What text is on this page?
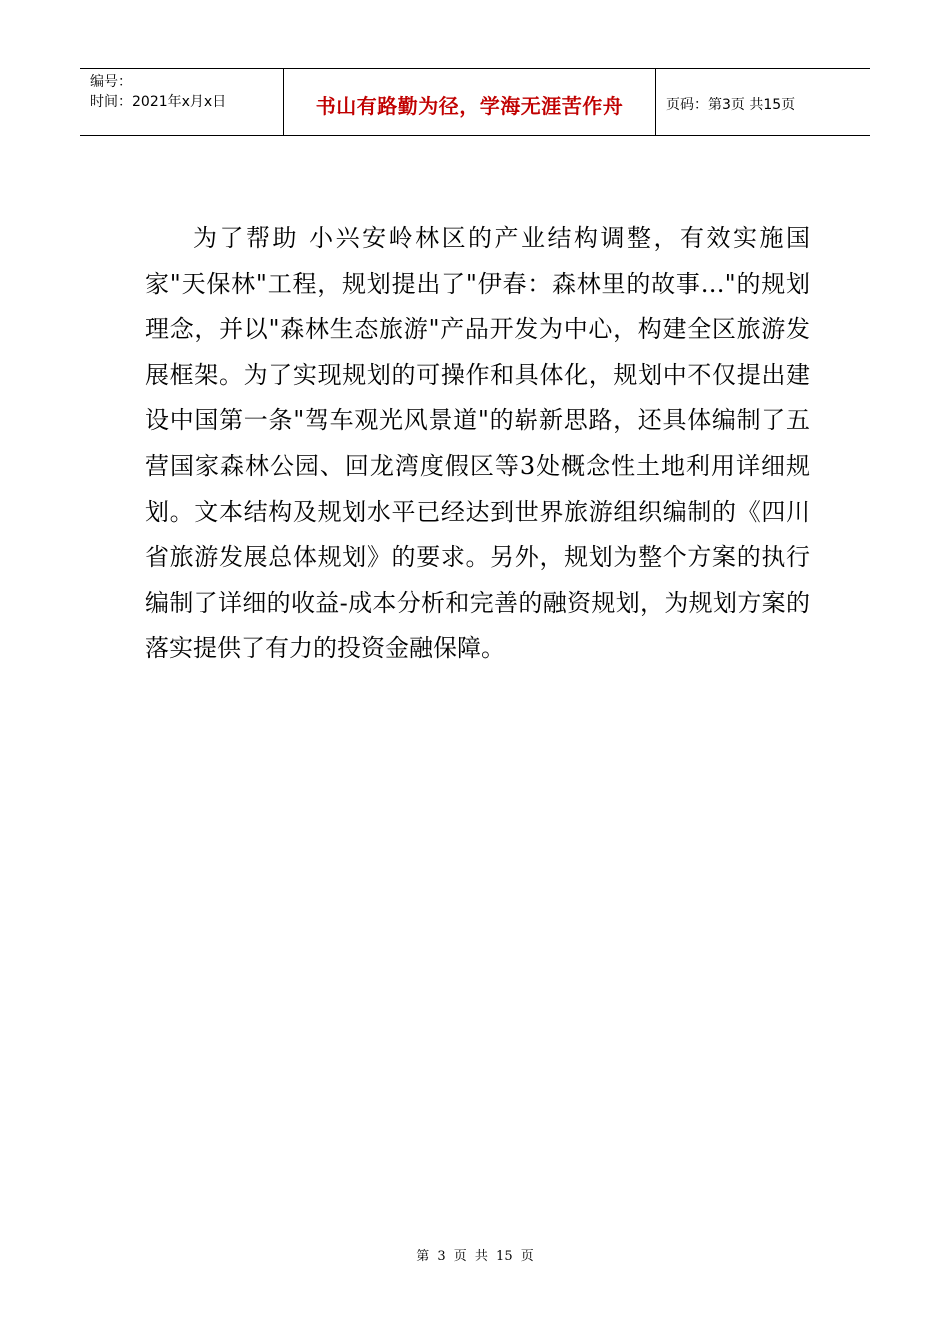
编号：
时间：2021年x月x日	书山有路勤为径，学海无涯苦作舟	页码：第3页 共15页

为了帮助 小兴安岭林区的产业结构调整，有效实施国家"天保林"工程，规划提出了"伊春：森林里的故事…"的规划理念，并以"森林生态旅游"产品开发为中心，构建全区旅游发展框架。为了实现规划的可操作和具体化，规划中不仅提出建设中国第一条"驾车观光风景道"的崭新思路，还具体编制了五营国家森林公园、回龙湾度假区等3处概念性土地利用详细规划。文本结构及规划水平已经达到世界旅游组织编制的《四川省旅游发展总体规划》的要求。另外，规划为整个方案的执行编制了详细的收益-成本分析和完善的融资规划，为规划方案的落实提供了有力的投资金融保障。

第 3 页 共 15 页
